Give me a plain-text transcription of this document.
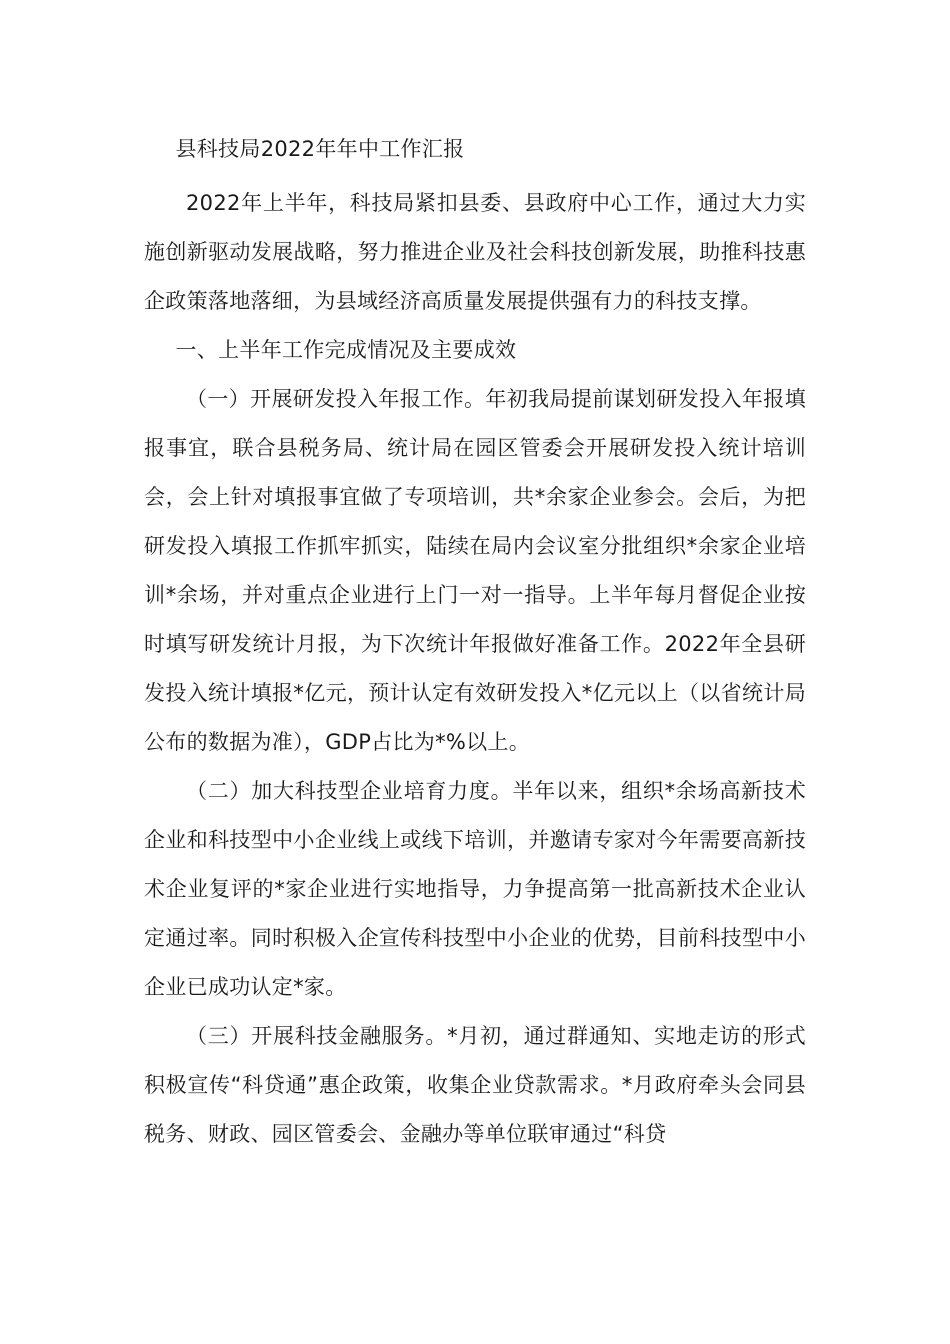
县科技局2022年年中工作汇报

2022年上半年，科技局紧扣县委、县政府中心工作，通过大力实施创新驱动发展战略，努力推进企业及社会科技创新发展，助推科技惠企政策落地落细，为县域经济高质量发展提供强有力的科技支撑。

一、上半年工作完成情况及主要成效

（一）开展研发投入年报工作。年初我局提前谋划研发投入年报填报事宜，联合县税务局、统计局在园区管委会开展研发投入统计培训会，会上针对填报事宜做了专项培训，共*余家企业参会。会后，为把研发投入填报工作抓牢抓实，陆续在局内会议室分批组织*余家企业培训*余场，并对重点企业进行上门一对一指导。上半年每月督促企业按时填写研发统计月报，为下次统计年报做好准备工作。2022年全县研发投入统计填报*亿元，预计认定有效研发投入*亿元以上（以省统计局公布的数据为准），GDP占比为*%以上。

（二）加大科技型企业培育力度。半年以来，组织*余场高新技术企业和科技型中小企业线上或线下培训，并邀请专家对今年需要高新技术企业复评的*家企业进行实地指导，力争提高第一批高新技术企业认定通过率。同时积极入企宣传科技型中小企业的优势，目前科技型中小企业已成功认定*家。

（三）开展科技金融服务。*月初，通过群通知、实地走访的形式积极宣传“科贷通”惠企政策，收集企业贷款需求。*月政府牵头会同县税务、财政、园区管委会、金融办等单位联审通过“科贷
